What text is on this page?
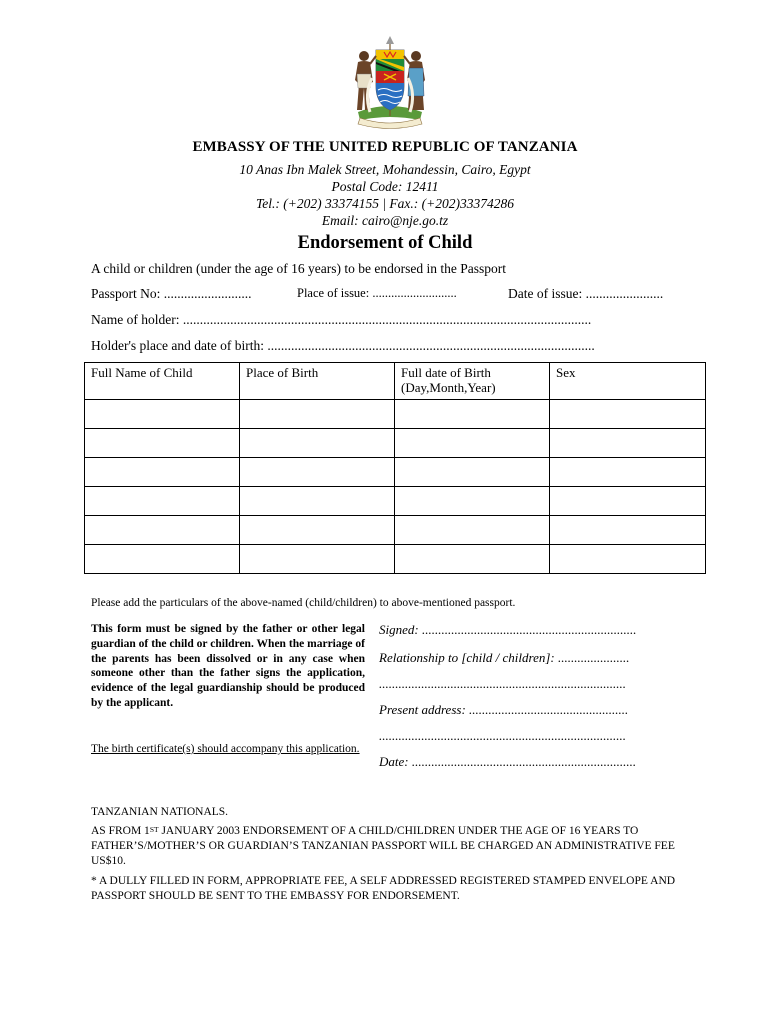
EMBASSY OF THE UNITED REPUBLIC OF TANZANIA
10 Anas Ibn Malek Street, Mohandessin, Cairo, Egypt
Postal Code: 12411
Tel.: (+202) 33374155 | Fax.: (+202)33374286
Email: cairo@nje.go.tz
Endorsement of Child
A child or children (under the age of 16 years) to be endorsed in the Passport
Passport No: ..........................	Place of issue: ...........................	Date of issue: .......................
Name of holder: .........................................................................................................................
Holder's place and date of birth: .................................................................................................
Full Name of Child	Place of Birth	Full date of Birth (Day,Month,Year)	Sex

Please add the particulars of the above-named (child/children) to above-mentioned passport.
This form must be signed by the father or other legal guardian of the child or children. When the marriage of the parents has been dissolved or in any case when someone other than the father signs the application, evidence of the legal guardianship should be produced by the applicant.
The birth certificate(s) should accompany this application.
Signed: ..................................................................
Relationship to [child / children]: ......................
............................................................................
Present address: .................................................
............................................................................
Date: .....................................................................
TANZANIAN NATIONALS.
AS FROM 1ST JANUARY 2003 ENDORSEMENT OF A CHILD/CHILDREN UNDER THE AGE OF 16 YEARS TO FATHER’S/MOTHER’S OR GUARDIAN’S TANZANIAN PASSPORT WILL BE CHARGED AN ADMINISTRATIVE FEE US$10.
* A DULLY FILLED IN FORM, APPROPRIATE FEE, A SELF ADDRESSED REGISTERED STAMPED ENVELOPE AND PASSPORT SHOULD BE SENT TO THE EMBASSY FOR ENDORSEMENT.
